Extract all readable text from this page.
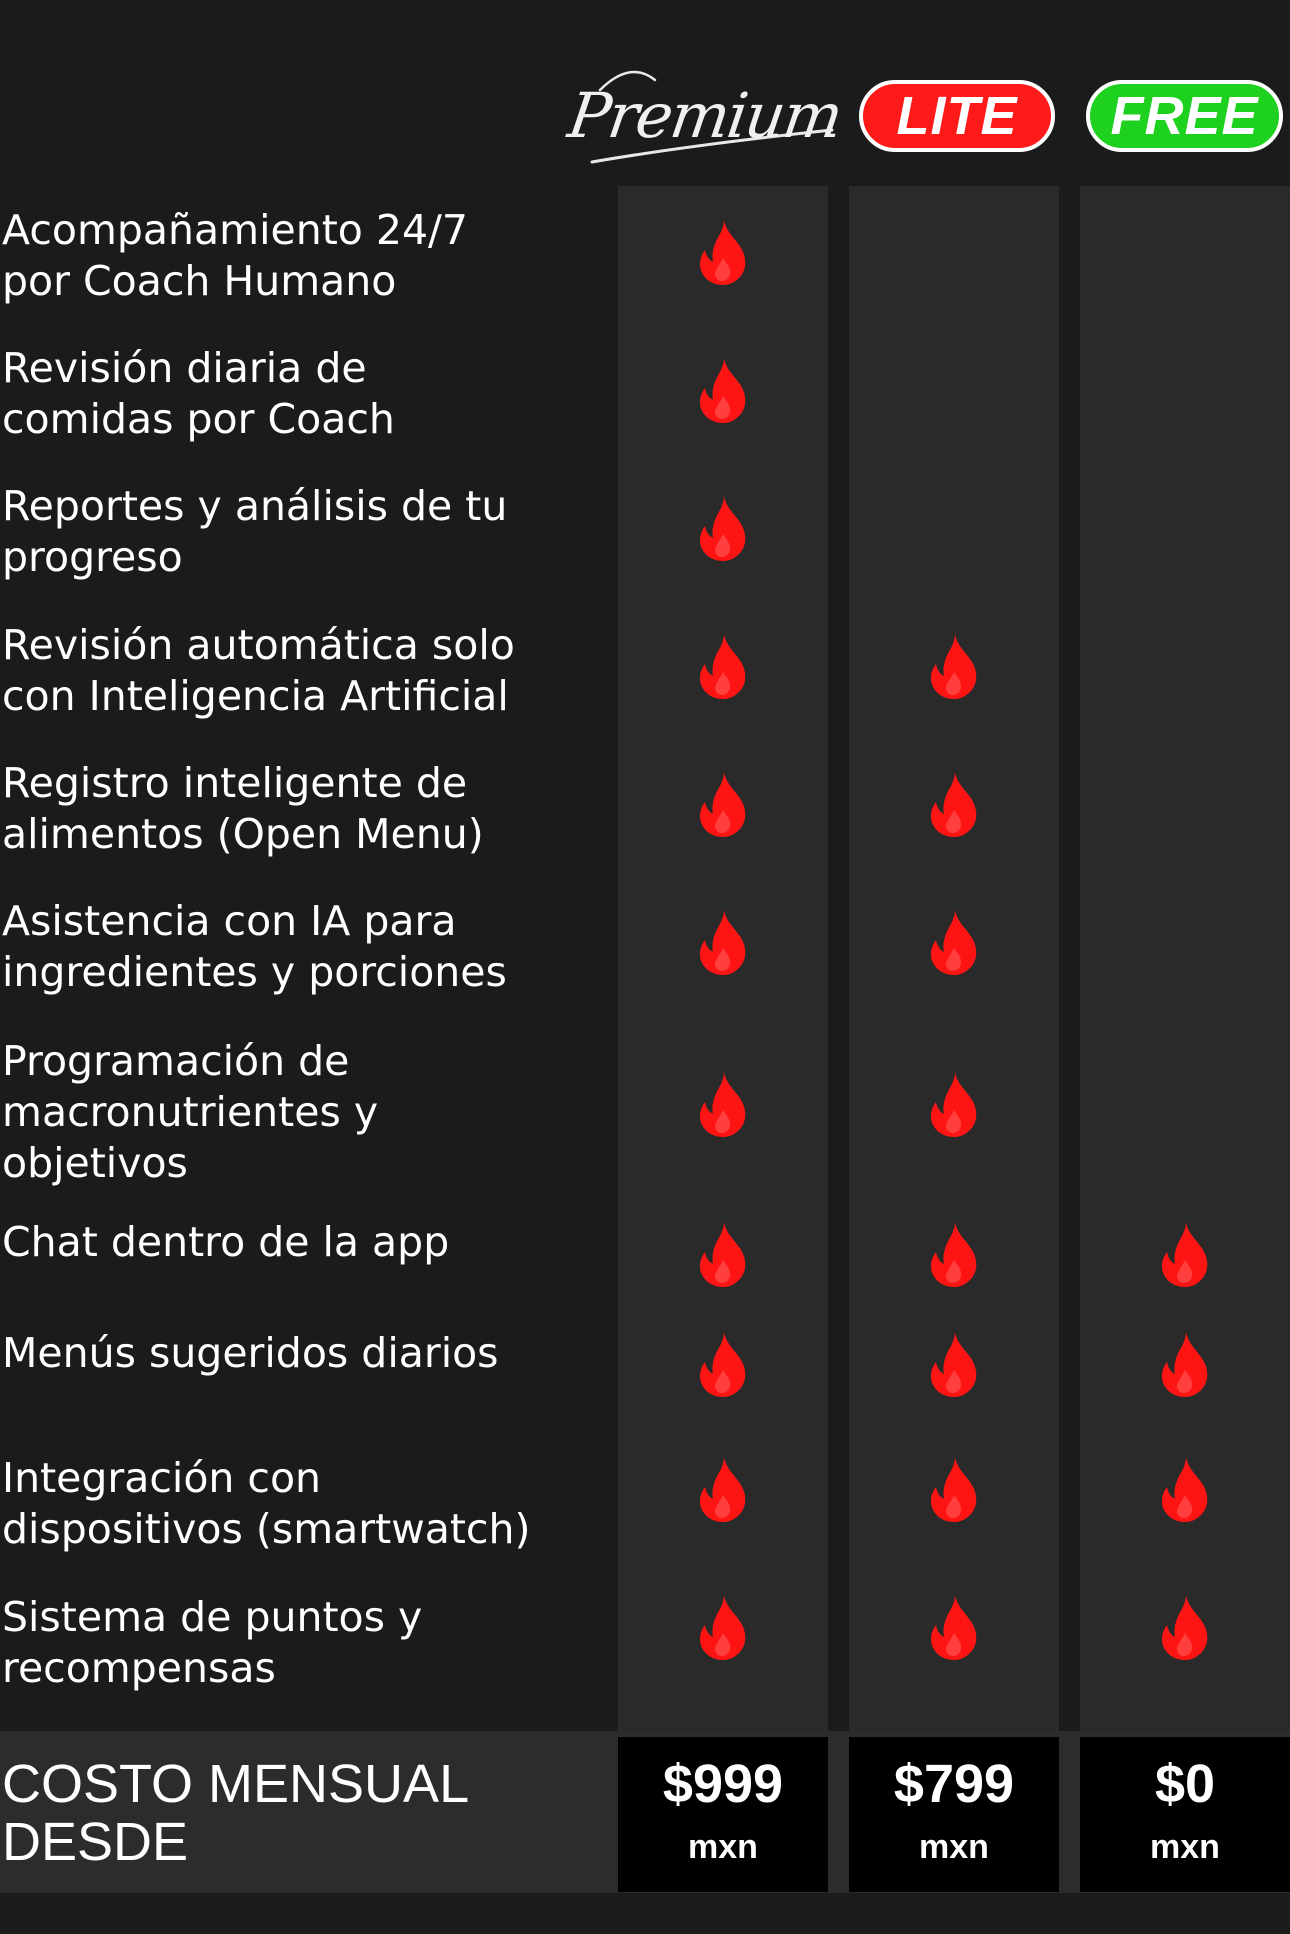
Premium LITE FREE
Acompañamiento 24/7
por Coach Humano
Revisión diaria de
comidas por Coach
Reportes y análisis de tu
progreso
Revisión automática solo
con Inteligencia Artificial
Registro inteligente de
alimentos (Open Menu)
Asistencia con IA para
ingredientes y porciones
Programación de
macronutrientes y
objetivos
Chat dentro de la app
Menús sugeridos diarios
Integración con
dispositivos (smartwatch)
Sistema de puntos y
recompensas
COSTO MENSUAL
DESDE
$999
mxn
$799
mxn
$0
mxn
